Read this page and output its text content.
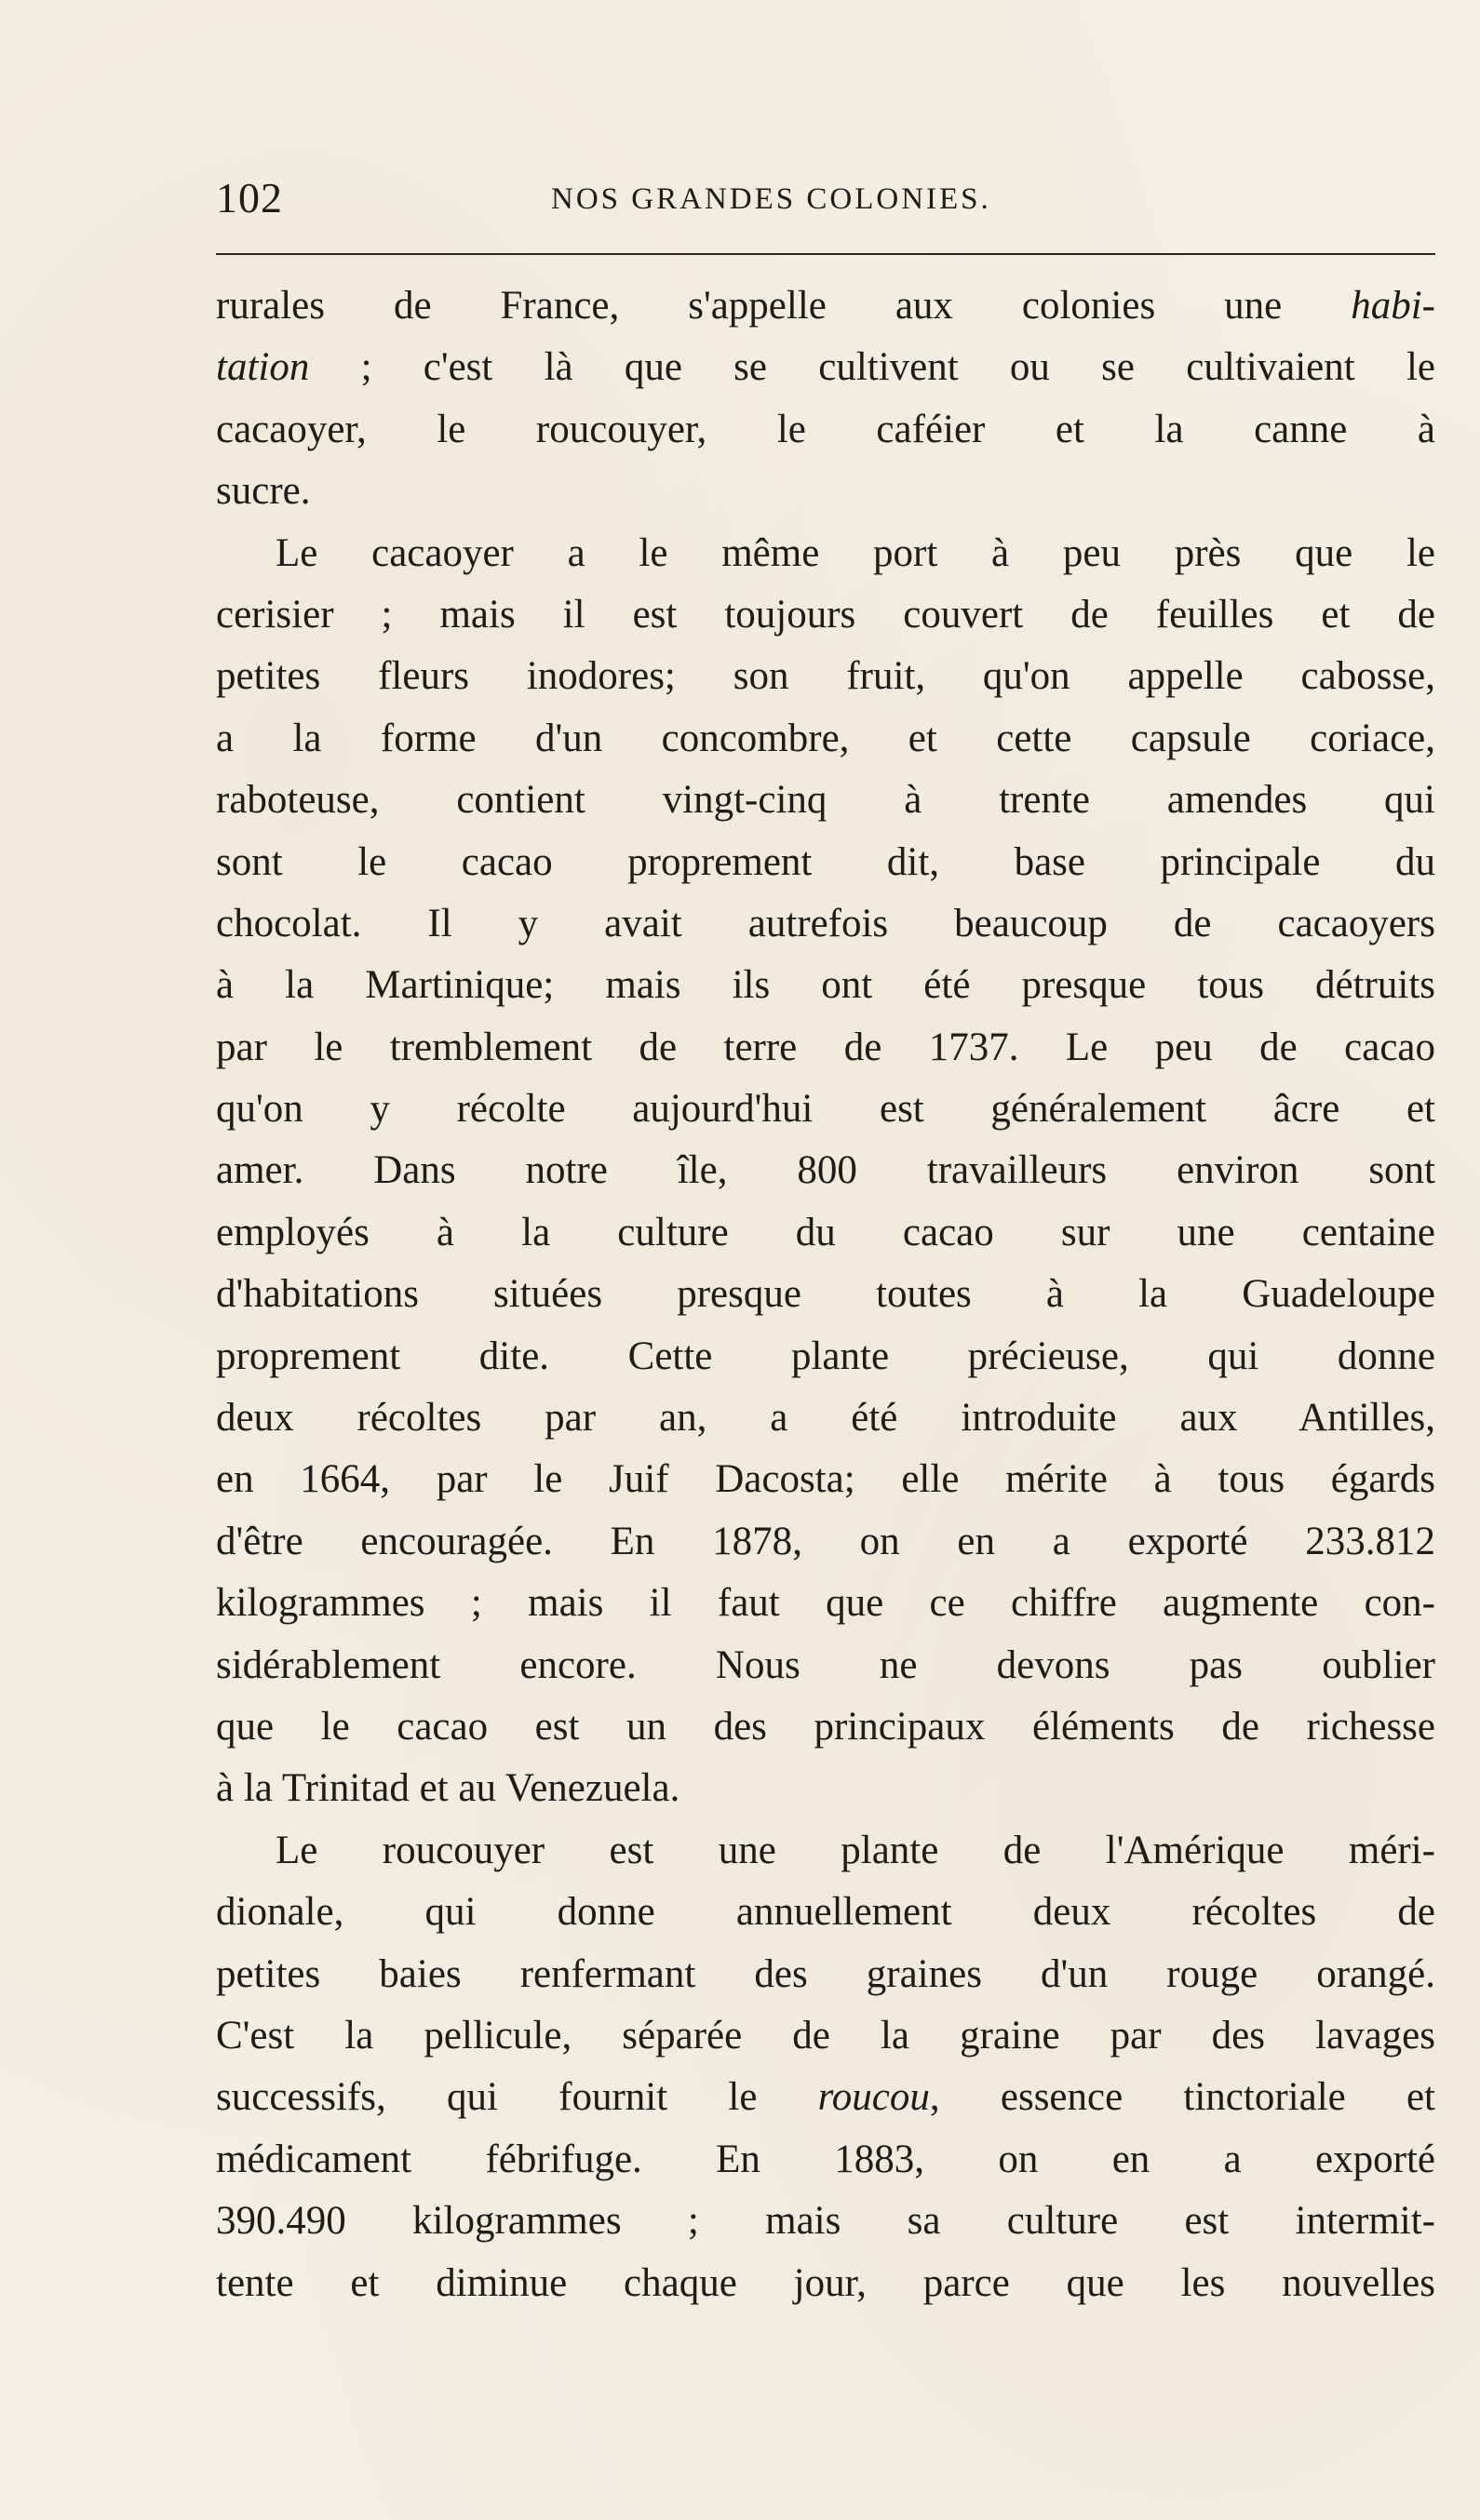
102	NOS GRANDES COLONIES.
rurales de France, s'appelle aux colonies une habi-
tation ; c'est là que se cultivent ou se cultivaient le
cacaoyer, le roucouyer, le caféier et la canne à
sucre.
Le cacaoyer a le même port à peu près que le
cerisier ; mais il est toujours couvert de feuilles et de
petites fleurs inodores; son fruit, qu'on appelle cabosse,
a la forme d'un concombre, et cette capsule coriace,
raboteuse, contient vingt-cinq à trente amendes qui
sont le cacao proprement dit, base principale du
chocolat. Il y avait autrefois beaucoup de cacaoyers
à la Martinique; mais ils ont été presque tous détruits
par le tremblement de terre de 1737. Le peu de cacao
qu'on y récolte aujourd'hui est généralement âcre et
amer. Dans notre île, 800 travailleurs environ sont
employés à la culture du cacao sur une centaine
d'habitations situées presque toutes à la Guadeloupe
proprement dite. Cette plante précieuse, qui donne
deux récoltes par an, a été introduite aux Antilles,
en 1664, par le Juif Dacosta; elle mérite à tous égards
d'être encouragée. En 1878, on en a exporté 233.812
kilogrammes ; mais il faut que ce chiffre augmente con-
sidérablement encore. Nous ne devons pas oublier
que le cacao est un des principaux éléments de richesse
à la Trinitad et au Venezuela.
Le roucouyer est une plante de l'Amérique méri-
dionale, qui donne annuellement deux récoltes de
petites baies renfermant des graines d'un rouge orangé.
C'est la pellicule, séparée de la graine par des lavages
successifs, qui fournit le roucou, essence tinctoriale et
médicament fébrifuge. En 1883, on en a exporté
390.490 kilogrammes ; mais sa culture est intermit-
tente et diminue chaque jour, parce que les nouvelles
